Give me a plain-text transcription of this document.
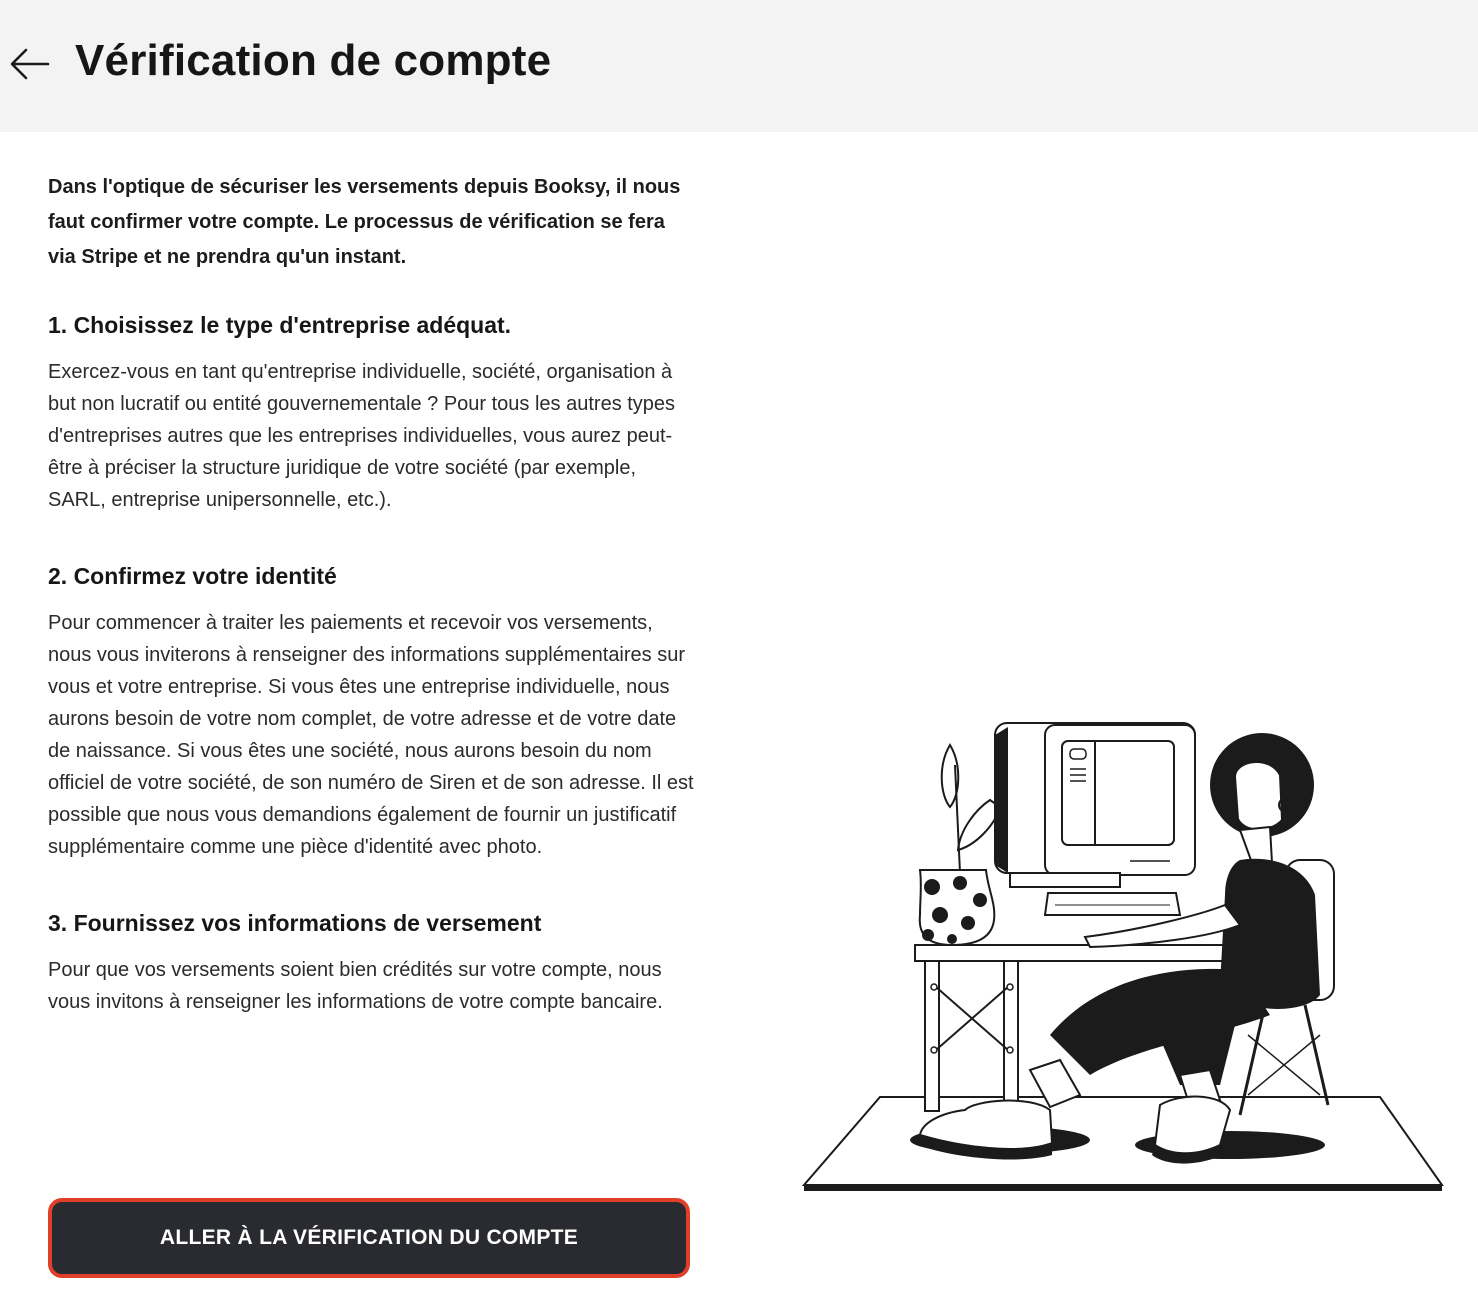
Vérification de compte

Dans l'optique de sécuriser les versements depuis Booksy, il nous faut confirmer votre compte. Le processus de vérification se fera via Stripe et ne prendra qu'un instant.

1. Choisissez le type d'entreprise adéquat.

Exercez-vous en tant qu'entreprise individuelle, société, organisation à but non lucratif ou entité gouvernementale ? Pour tous les autres types d'entreprises autres que les entreprises individuelles, vous aurez peut-être à préciser la structure juridique de votre société (par exemple, SARL, entreprise unipersonnelle, etc.).

2. Confirmez votre identité

Pour commencer à traiter les paiements et recevoir vos versements, nous vous inviterons à renseigner des informations supplémentaires sur vous et votre entreprise. Si vous êtes une entreprise individuelle, nous aurons besoin de votre nom complet, de votre adresse et de votre date de naissance. Si vous êtes une société, nous aurons besoin du nom officiel de votre société, de son numéro de Siren et de son adresse. Il est possible que nous vous demandions également de fournir un justificatif supplémentaire comme une pièce d'identité avec photo.

3. Fournissez vos informations de versement

Pour que vos versements soient bien crédités sur votre compte, nous vous invitons à renseigner les informations de votre compte bancaire.

ALLER À LA VÉRIFICATION DU COMPTE
